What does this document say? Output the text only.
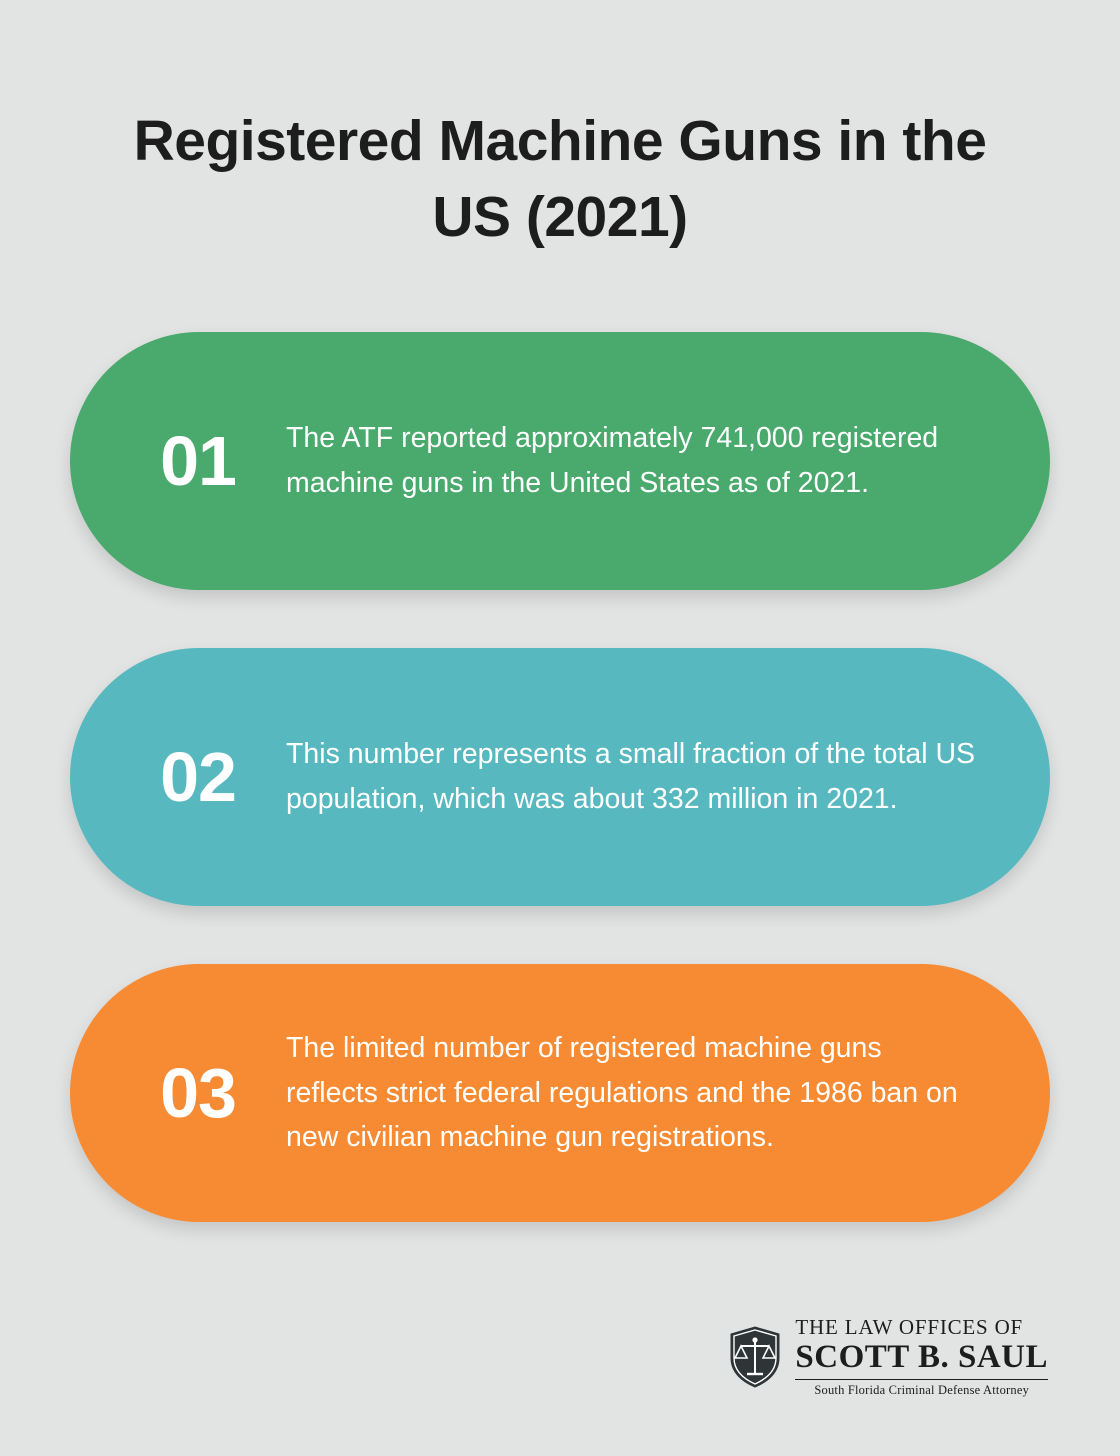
Registered Machine Guns in the US (2021)
01	The ATF reported approximately 741,000 registered machine guns in the United States as of 2021.
02	This number represents a small fraction of the total US population, which was about 332 million in 2021.
03
The limited number of registered machine guns reflects strict federal regulations and the 1986 ban on new civilian machine gun registrations.
THE LAW OFFICES OF
SCOTT B. SAUL
South Florida Criminal Defense Attorney
